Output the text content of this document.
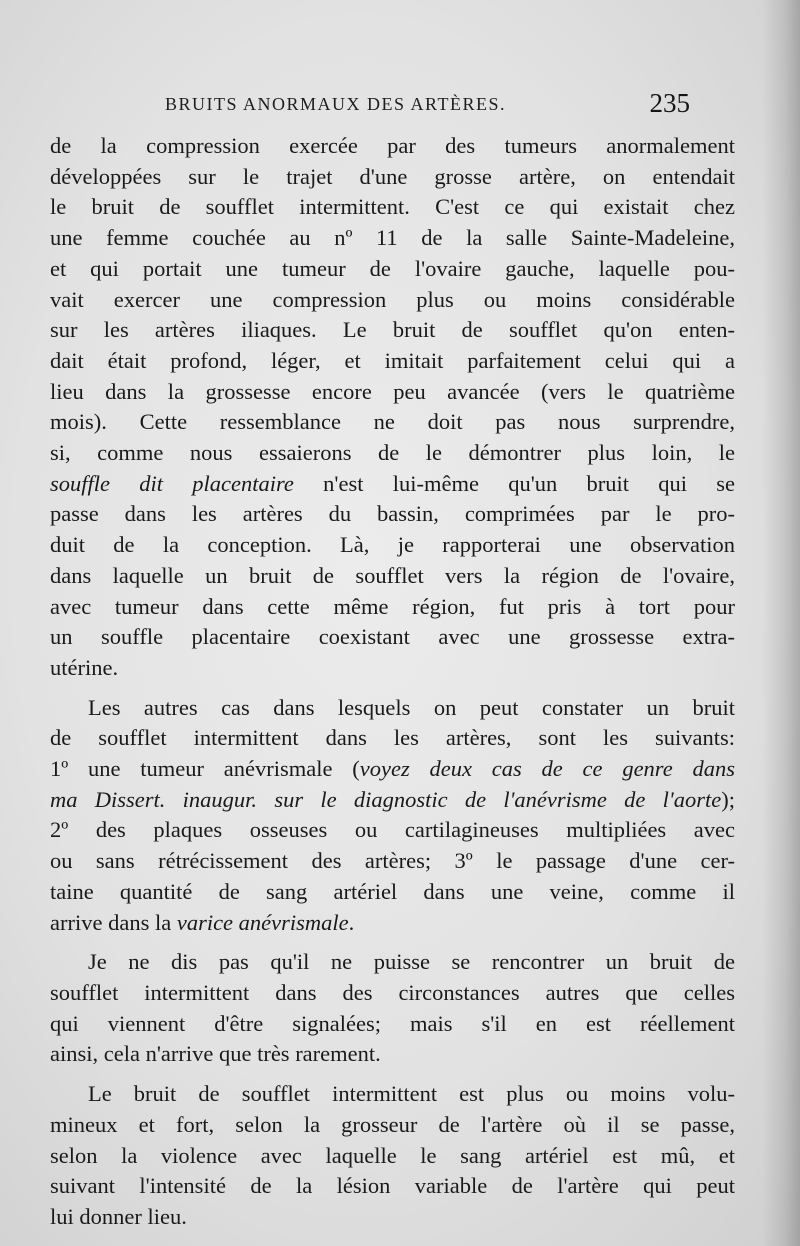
BRUITS ANORMAUX DES ARTÈRES.	235
de la compression exercée par des tumeurs anormalement
développées sur le trajet d'une grosse artère, on entendait
le bruit de soufflet intermittent. C'est ce qui existait chez
une femme couchée au nº 11 de la salle Sainte-Madeleine,
et qui portait une tumeur de l'ovaire gauche, laquelle pou-
vait exercer une compression plus ou moins considérable
sur les artères iliaques. Le bruit de soufflet qu'on enten-
dait était profond, léger, et imitait parfaitement celui qui a
lieu dans la grossesse encore peu avancée (vers le quatrième
mois). Cette ressemblance ne doit pas nous surprendre,
si, comme nous essaierons de le démontrer plus loin, le
souffle dit placentaire n'est lui-même qu'un bruit qui se
passe dans les artères du bassin, comprimées par le pro-
duit de la conception. Là, je rapporterai une observation
dans laquelle un bruit de soufflet vers la région de l'ovaire,
avec tumeur dans cette même région, fut pris à tort pour
un souffle placentaire coexistant avec une grossesse extra-
utérine.
Les autres cas dans lesquels on peut constater un bruit
de soufflet intermittent dans les artères, sont les suivants:
1º une tumeur anévrismale (voyez deux cas de ce genre dans
ma Dissert. inaugur. sur le diagnostic de l'anévrisme de l'aorte);
2º des plaques osseuses ou cartilagineuses multipliées avec
ou sans rétrécissement des artères; 3º le passage d'une cer-
taine quantité de sang artériel dans une veine, comme il
arrive dans la varice anévrismale.
Je ne dis pas qu'il ne puisse se rencontrer un bruit de
soufflet intermittent dans des circonstances autres que celles
qui viennent d'être signalées; mais s'il en est réellement
ainsi, cela n'arrive que très rarement.
Le bruit de soufflet intermittent est plus ou moins volu-
mineux et fort, selon la grosseur de l'artère où il se passe,
selon la violence avec laquelle le sang artériel est mû, et
suivant l'intensité de la lésion variable de l'artère qui peut
lui donner lieu.
